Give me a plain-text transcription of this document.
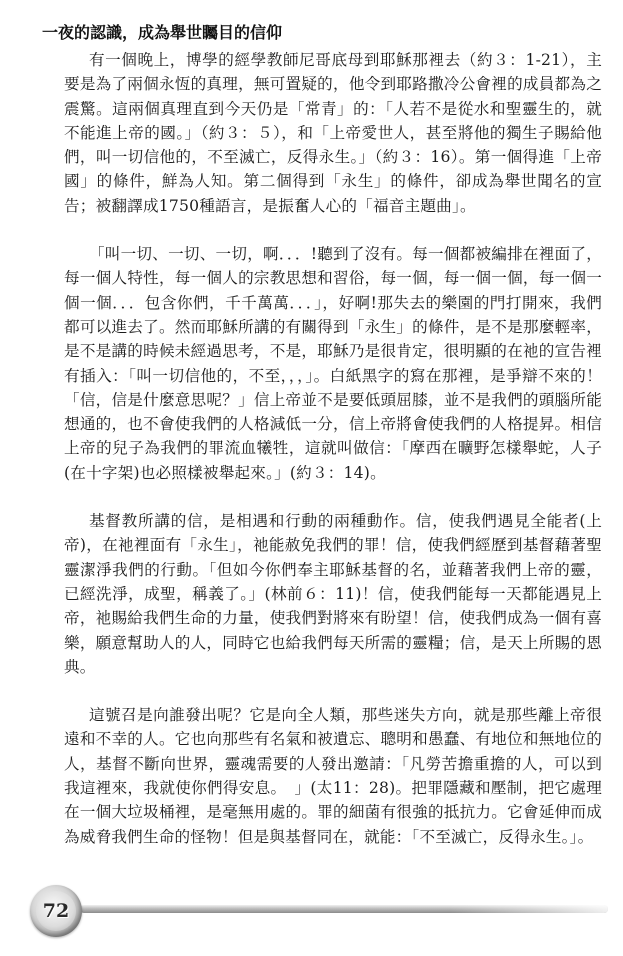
一夜的認識，成為舉世矚目的信仰

有一個晚上，博學的經學教師尼哥底母到耶穌那裡去（約３：1-21），主要是為了兩個永恆的真理，無可置疑的，他令到耶路撒冷公會裡的成員都為之震驚。這兩個真理直到今天仍是「常青」的：「人若不是從水和聖靈生的，就不能進上帝的國。」（約３：５），和「上帝愛世人，甚至將他的獨生子賜給他們，叫一切信他的，不至滅亡，反得永生。」（約３：16）。第一個得進「上帝國」的條件，鮮為人知。第二個得到「永生」的條件，卻成為舉世聞名的宣告；被翻譯成1750種語言，是振奮人心的「福音主題曲」。

「叫一切、一切、一切，啊．．．!聽到了沒有。每一個都被編排在裡面了，每一個人特性，每一個人的宗教思想和習俗，每一個，每一個一個，每一個一個一個．．．包含你們，千千萬萬．．．」，好啊!那失去的樂園的門打開來，我們都可以進去了。然而耶穌所講的有關得到「永生」的條件，是不是那麼輕率，是不是講的時候未經過思考，不是，耶穌乃是很肯定，很明顯的在祂的宣告裡有插入：「叫一切信他的，不至，，，」。白紙黑字的寫在那裡，是爭辯不來的！「信，信是什麼意思呢？」信上帝並不是要低頭屈膝，並不是我們的頭腦所能想通的，也不會使我們的人格減低一分，信上帝將會使我們的人格提昇。相信上帝的兒子為我們的罪流血犧牲，這就叫做信：「摩西在曠野怎樣舉蛇，人子(在十字架)也必照樣被舉起來。」(約３：14)。

基督教所講的信，是相遇和行動的兩種動作。信，使我們遇見全能者(上帝)，在祂裡面有「永生」，祂能赦免我們的罪！信，使我們經歷到基督藉著聖靈潔淨我們的行動。「但如今你們奉主耶穌基督的名，並藉著我們上帝的靈，已經洗淨，成聖，稱義了。」(林前６：11)！信，使我們能每一天都能遇見上帝，祂賜給我們生命的力量，使我們對將來有盼望！信，使我們成為一個有喜樂，願意幫助人的人，同時它也給我們每天所需的靈糧；信，是天上所賜的恩典。

這號召是向誰發出呢？它是向全人類，那些迷失方向，就是那些離上帝很遠和不幸的人。它也向那些有名氣和被遺忘、聰明和愚蠢、有地位和無地位的人，基督不斷向世界，靈魂需要的人發出邀請：「凡勞苦擔重擔的人，可以到我這裡來，我就使你們得安息。　」(太11：28)。把罪隱藏和壓制，把它處理在一個大垃圾桶裡，是毫無用處的。罪的細菌有很強的抵抗力。它會延伸而成為威脅我們生命的怪物！但是與基督同在，就能：「不至滅亡，反得永生。」。

72
